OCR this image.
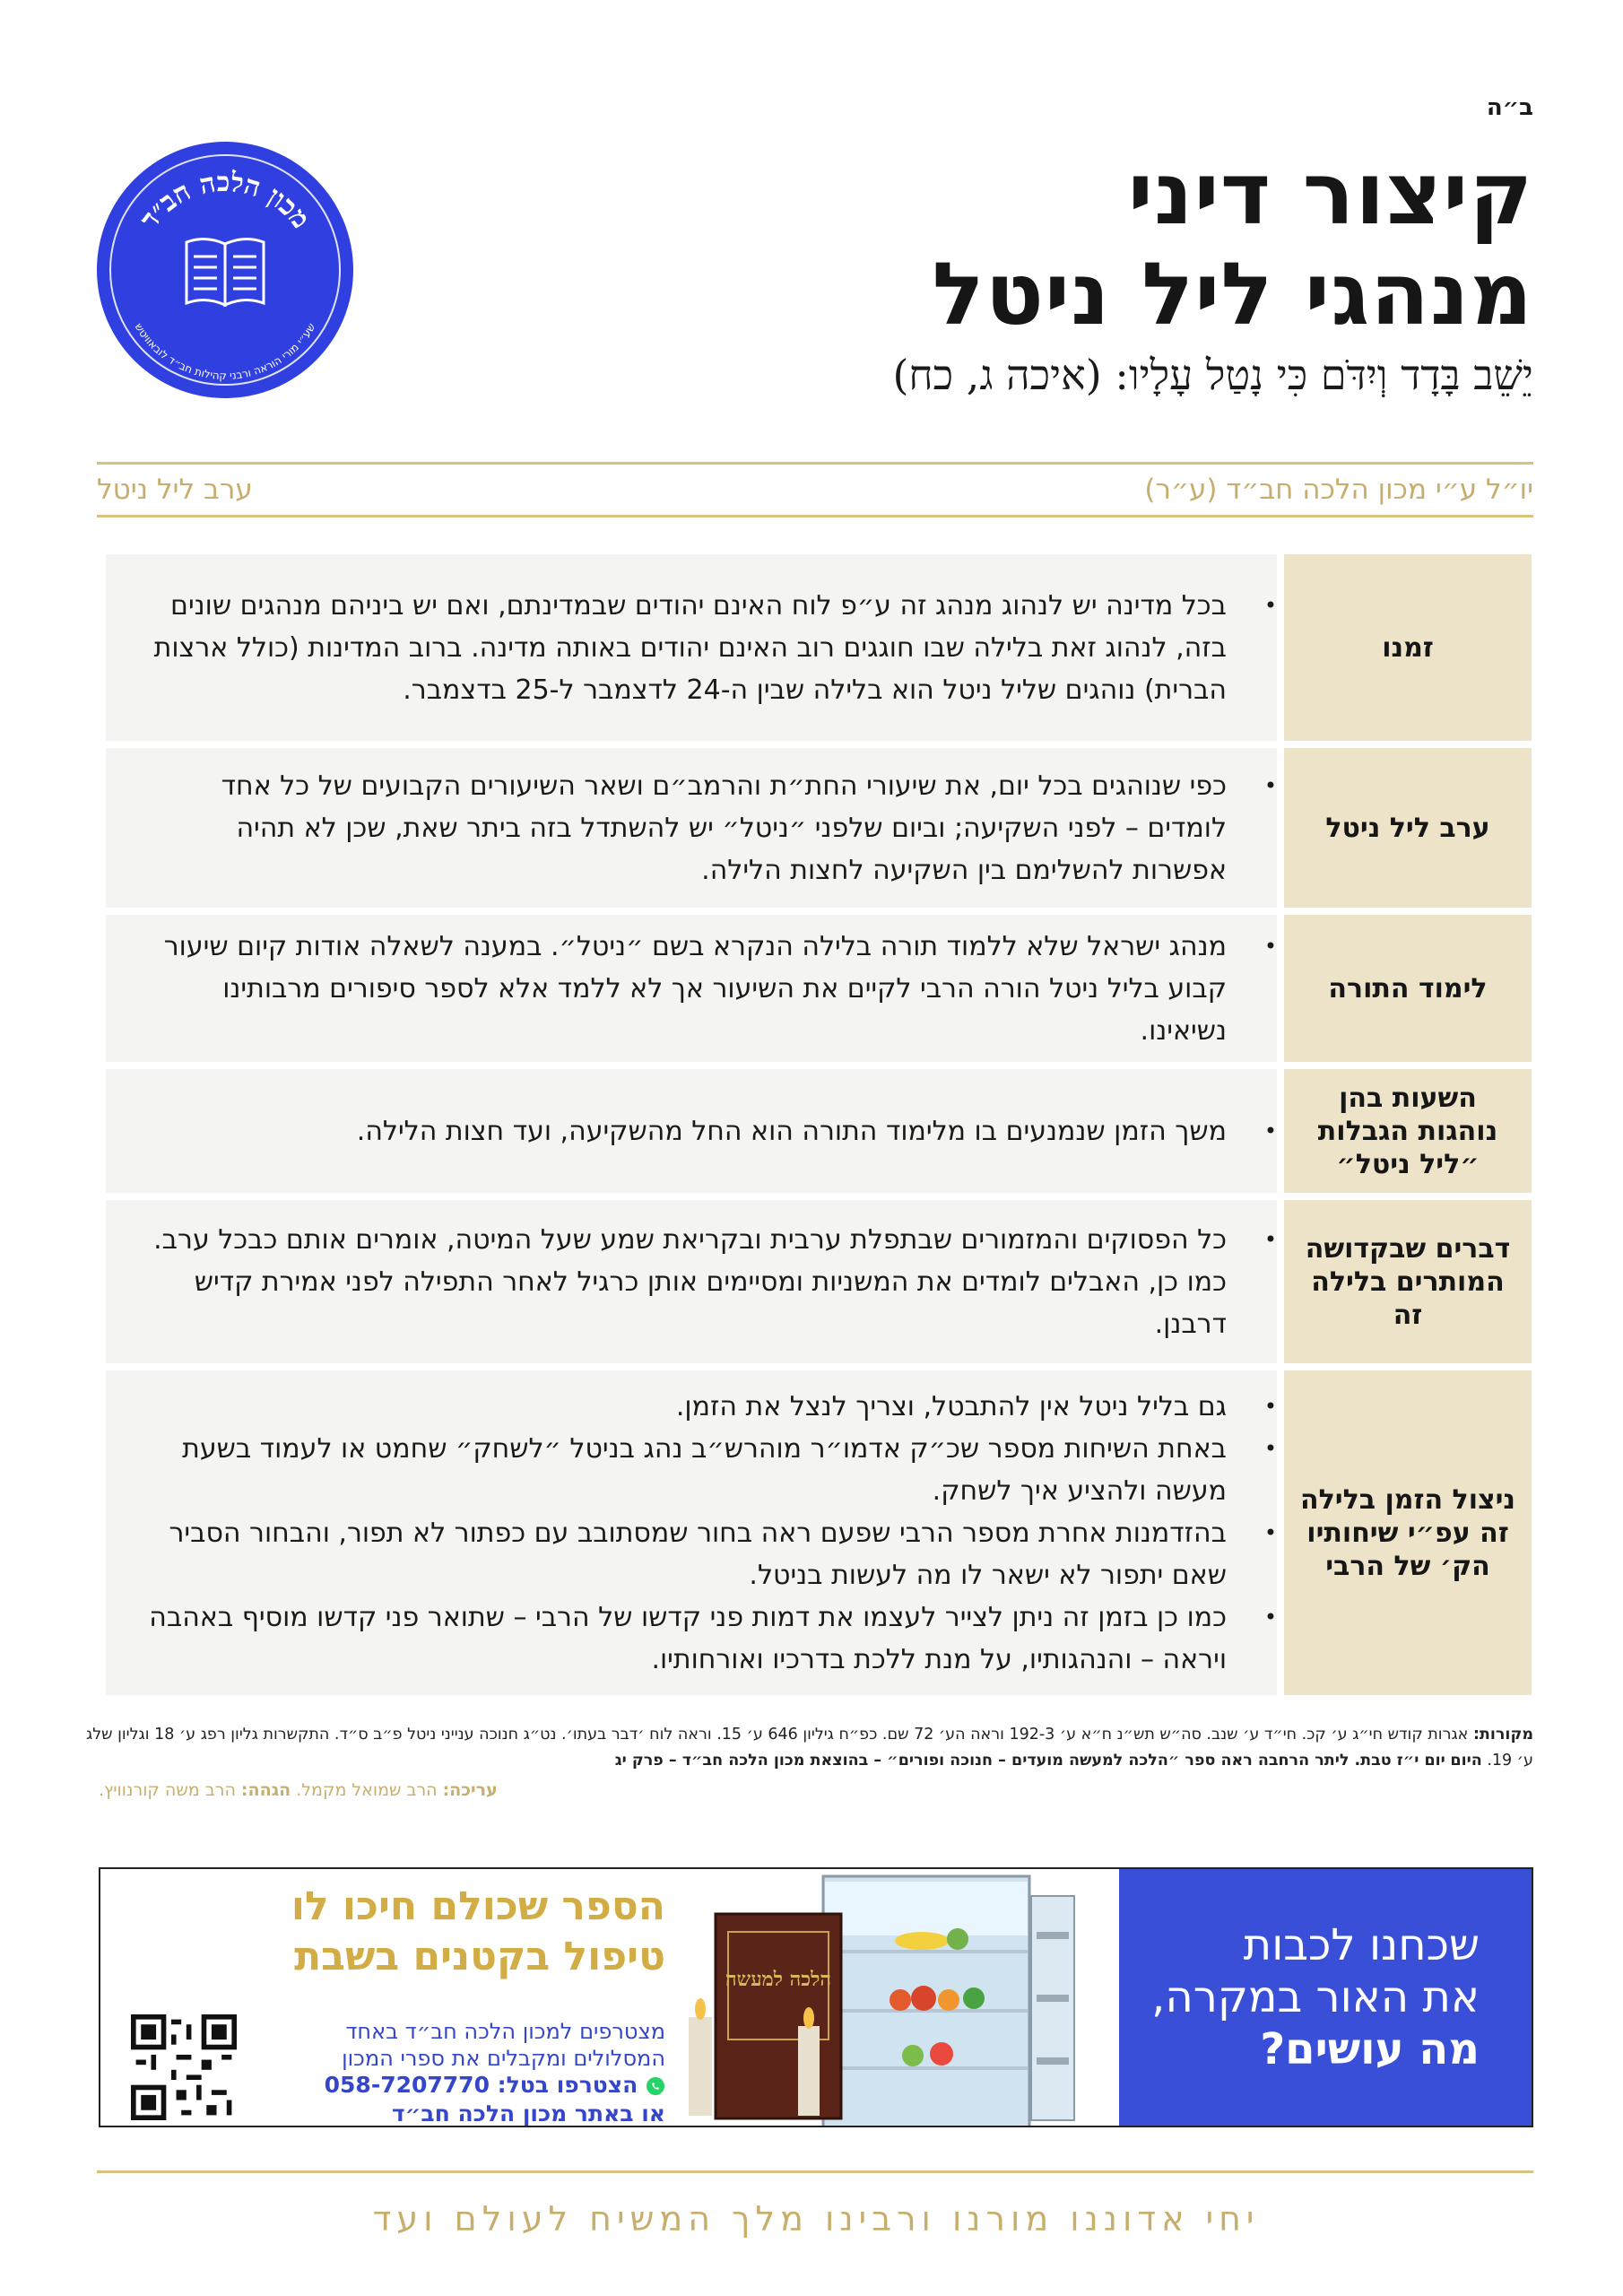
ב״ה
מכון הלכה חב״ד
שע״י מורי הוראה ורבני קהילות חב״ד לובאוויטש
קיצור דיני
מנהגי ליל ניטל
יֵשֵׁב בָּדָד וְיִדֹּם כִּי נָטַל עָלָיו: (איכה ג, כח)
יו״ל ע״י מכון הלכה חב״ד (ע״ר)
ערב ליל ניטל
זמנו
• בכל מדינה יש לנהוג מנהג זה ע״פ לוח האינם יהודים שבמדינתם, ואם יש ביניהם מנהגים שונים בזה, לנהוג זאת בלילה שבו חוגגים רוב האינם יהודים באותה מדינה. ברוב המדינות (כולל ארצות הברית) נוהגים שליל ניטל הוא בלילה שבין ה-24 לדצמבר ל-25 בדצמבר.
ערב ליל ניטל
• כפי שנוהגים בכל יום, את שיעורי החת״ת והרמב״ם ושאר השיעורים הקבועים של כל אחד לומדים – לפני השקיעה; וביום שלפני ״ניטל״ יש להשתדל בזה ביתר שאת, שכן לא תהיה אפשרות להשלימם בין השקיעה לחצות הלילה.
לימוד התורה
• מנהג ישראל שלא ללמוד תורה בלילה הנקרא בשם ״ניטל״. במענה לשאלה אודות קיום שיעור קבוע בליל ניטל הורה הרבי לקיים את השיעור אך לא ללמד אלא לספר סיפורים מרבותינו נשיאינו.
השעות בהן נוהגות הגבלות ״ליל ניטל״
• משך הזמן שנמנעים בו מלימוד התורה הוא החל מהשקיעה, ועד חצות הלילה.
דברים שבקדושה המותרים בלילה זה
• כל הפסוקים והמזמורים שבתפלת ערבית ובקריאת שמע שעל המיטה, אומרים אותם כבכל ערב. כמו כן, האבלים לומדים את המשניות ומסיימים אותן כרגיל לאחר התפילה לפני אמירת קדיש דרבנן.
ניצול הזמן בלילה זה עפ״י שיחותיו הק׳ של הרבי
• גם בליל ניטל אין להתבטל, וצריך לנצל את הזמן.
• באחת השיחות מספר שכ״ק אדמו״ר מוהרש״ב נהג בניטל ״לשחק״ שחמט או לעמוד בשעת מעשה ולהציע איך לשחק.
• בהזדמנות אחרת מספר הרבי שפעם ראה בחור שמסתובב עם כפתור לא תפור, והבחור הסביר שאם יתפור לא ישאר לו מה לעשות בניטל.
• כמו כן בזמן זה ניתן לצייר לעצמו את דמות פני קדשו של הרבי – שתואר פני קדשו מוסיף באהבה ויראה – והנהגותיו, על מנת ללכת בדרכיו ואורחותיו.
מקורות: אגרות קודש חי״ג ע׳ קכ. חי״ד ע׳ שנב. סה״ש תש״נ ח״א ע׳ 192-3 וראה הע׳ 72 שם. כפ״ח גיליון 646 ע׳ 15. וראה לוח ׳דבר בעתו׳. נט״ג חנוכה ענייני ניטל פ״ב ס״ד. התקשרות גליון רפג ע׳ 18 וגליון שלג ע׳ 19. היום יום י״ז טבת. ליתר הרחבה ראה ספר ״הלכה למעשה מועדים – חנוכה ופורים״ – בהוצאת מכון הלכה חב״ד – פרק יג
עריכה: הרב שמואל מקמל. הגהה: הרב משה קורנוויץ.
שכחנו לכבות
את האור במקרה,
מה עושים?
הלכה למעשה
הספר שכולם חיכו לו
טיפול בקטנים בשבת
מצטרפים למכון הלכה חב״ד באחד המסלולים ומקבלים את ספרי המכון
הצטרפו בטל: 058-7207770
או באתר מכון הלכה חב״ד
יחי אדוננו מורנו ורבינו מלך המשיח לעולם ועד
